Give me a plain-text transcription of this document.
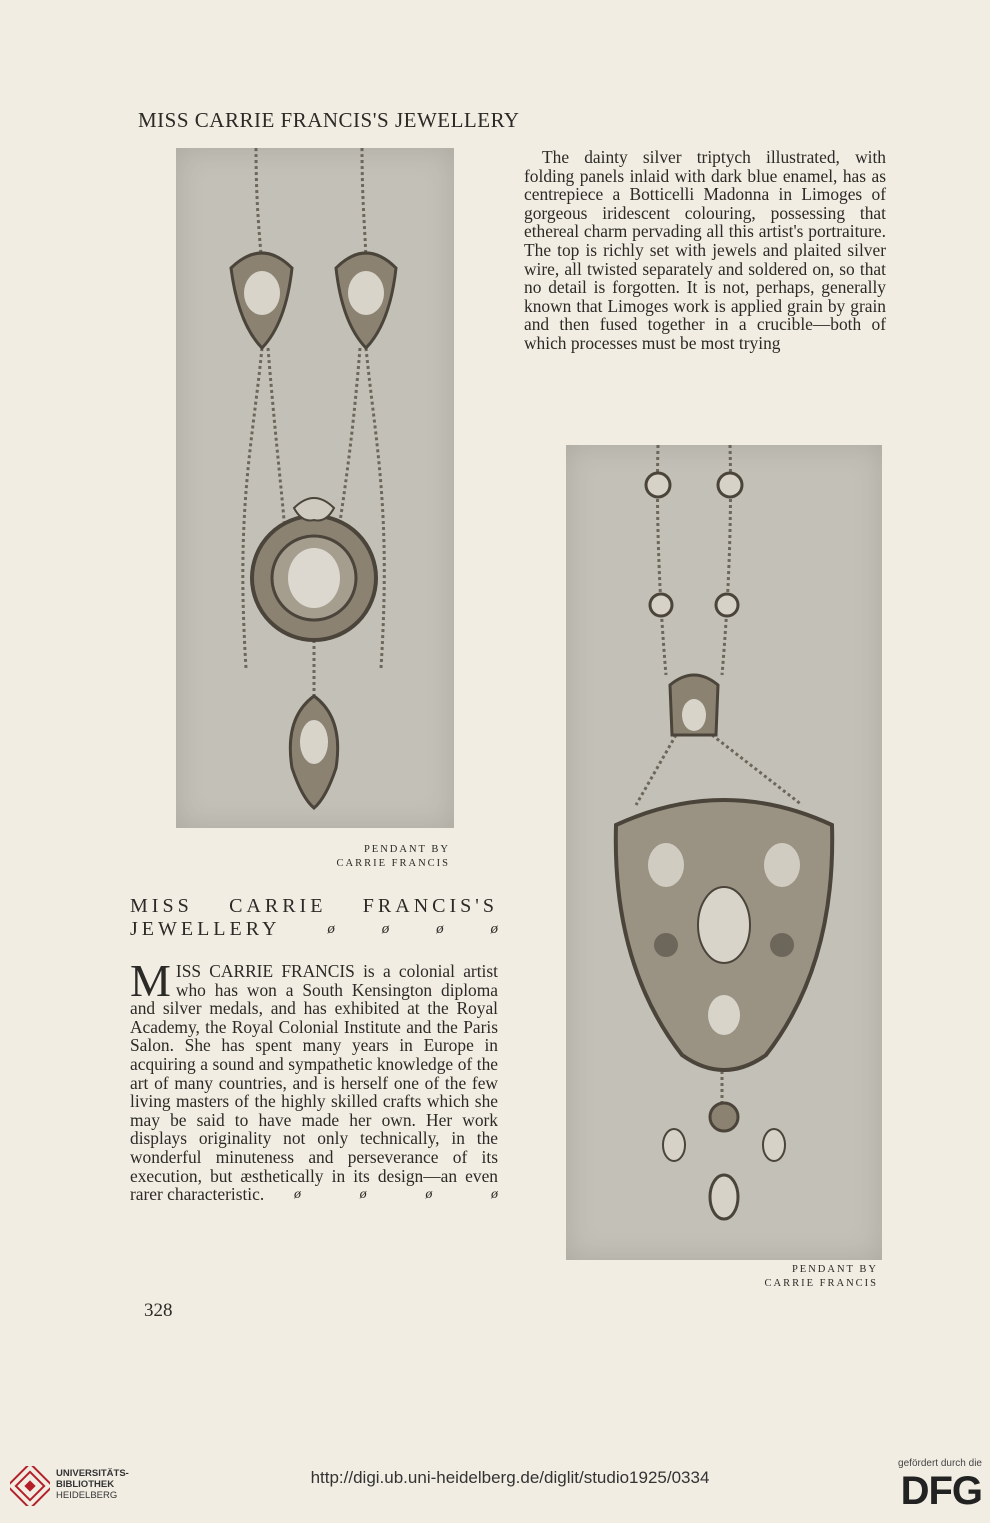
MISS CARRIE FRANCIS'S JEWELLERY
PENDANT BY
CARRIE FRANCIS

The dainty silver triptych illustrated, with folding panels inlaid with dark blue enamel, has as centrepiece a Botticelli Madonna in Limoges of gorgeous iridescent colouring, possessing that ethereal charm pervading all this artist's portraiture. The top is richly set with jewels and plaited silver wire, all twisted separately and soldered on, so that no detail is forgotten. It is not, perhaps, generally known that Limoges work is applied grain by grain and then fused together in a crucible—both of which processes must be most trying

PENDANT BY
CARRIE FRANCIS
MISS CARRIE FRANCIS'S
JEWELLERY	ø	ø	ø	ø

MISS CARRIE FRANCIS is a colonial artist who has won a South Kensington diploma and silver medals, and has exhibited at the Royal Academy, the Royal Colonial Institute and the Paris Salon. She has spent many years in Europe in acquiring a sound and sympathetic knowledge of the art of many countries, and is herself one of the few living masters of the highly skilled crafts which she may be said to have made her own. Her work displays originality not only technically, in the wonderful minuteness and perseverance of its execution, but æsthetically in its design—an even rarer characteristic.	ø	ø	ø	ø
328
UNIVERSITÄTS-
BIBLIOTHEK
HEIDELBERG
http://digi.ub.uni-heidelberg.de/diglit/studio1925/0334
gefördert durch die
DFG
